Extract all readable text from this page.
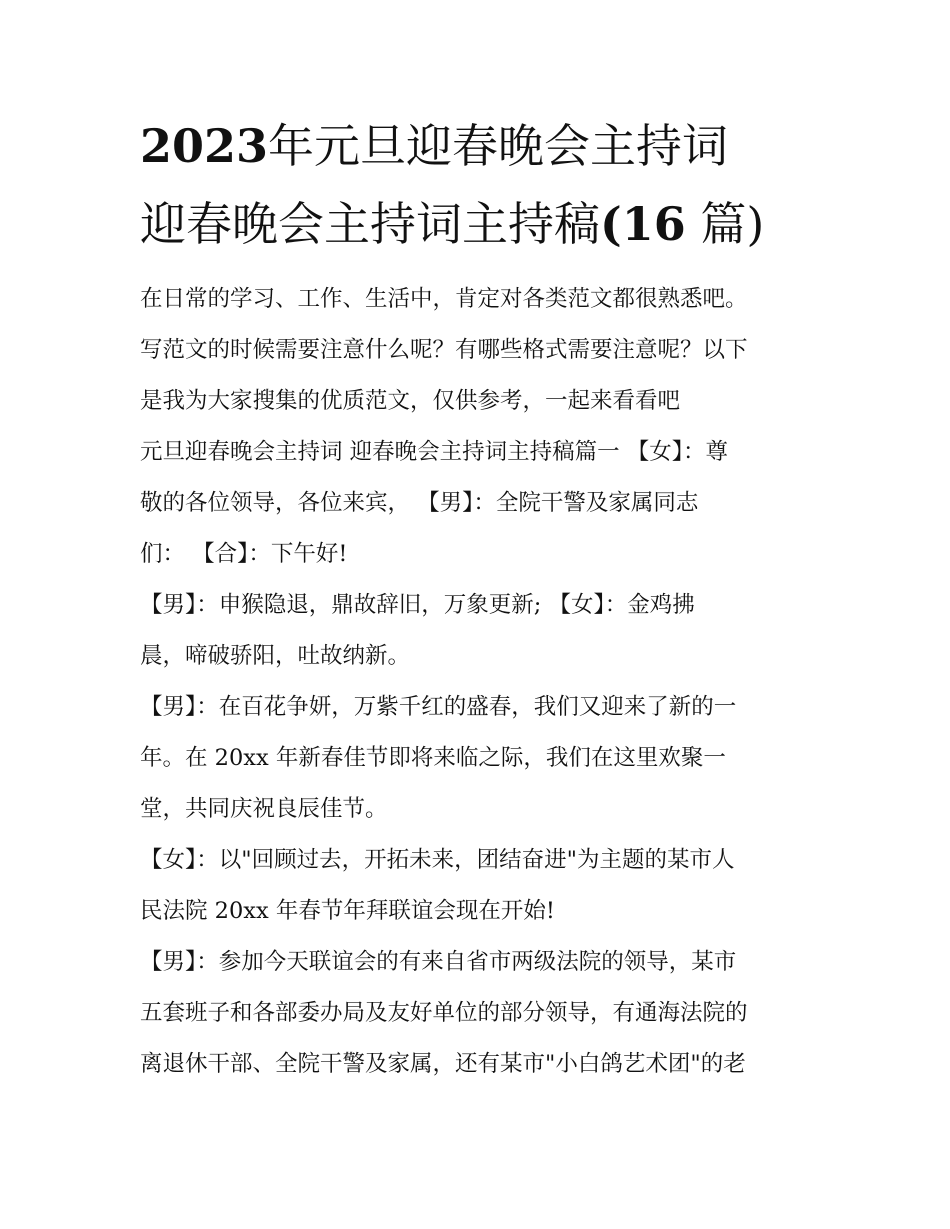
2023年元旦迎春晚会主持词
迎春晚会主持词主持稿(16 篇)

在日常的学习、工作、生活中，肯定对各类范文都很熟悉吧。

写范文的时候需要注意什么呢？有哪些格式需要注意呢？以下

是我为大家搜集的优质范文，仅供参考，一起来看看吧

元旦迎春晚会主持词 迎春晚会主持词主持稿篇一 【女】：尊

敬的各位领导，各位来宾， 【男】：全院干警及家属同志

们： 【合】：下午好!

【男】：申猴隐退，鼎故辞旧，万象更新; 【女】：金鸡拂

晨，啼破骄阳，吐故纳新。

【男】：在百花争妍，万紫千红的盛春，我们又迎来了新的一

年。在 20xx 年新春佳节即将来临之际，我们在这里欢聚一

堂，共同庆祝良辰佳节。

【女】：以"回顾过去，开拓未来，团结奋进"为主题的某市人

民法院 20xx 年春节年拜联谊会现在开始!

【男】：参加今天联谊会的有来自省市两级法院的领导，某市

五套班子和各部委办局及友好单位的部分领导，有通海法院的

离退休干部、全院干警及家属，还有某市"小白鸽艺术团"的老
